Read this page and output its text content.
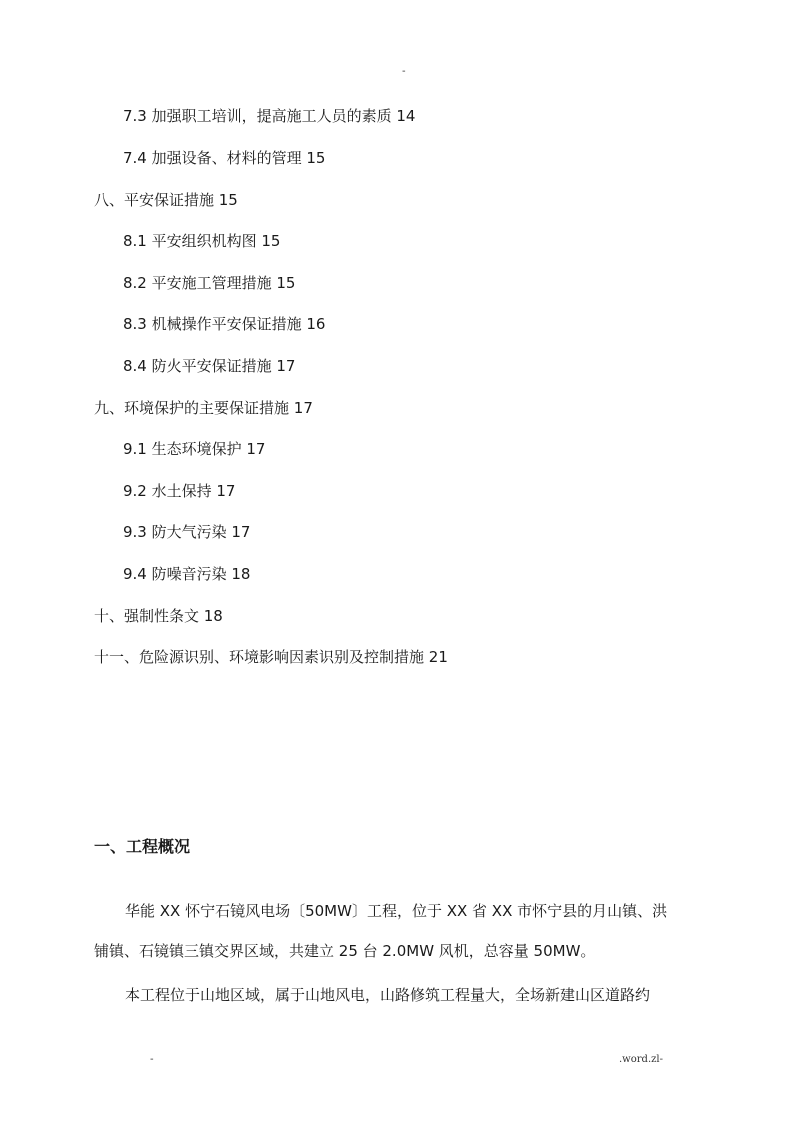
-
7.3 加强职工培训，提高施工人员的素质 14
7.4 加强设备、材料的管理 15
八、平安保证措施 15
8.1 平安组织机构图 15
8.2 平安施工管理措施 15
8.3 机械操作平安保证措施 16
8.4 防火平安保证措施 17
九、环境保护的主要保证措施 17
9.1 生态环境保护 17
9.2 水土保持 17
9.3 防大气污染 17
9.4 防噪音污染 18
十、强制性条文 18
十一、危险源识别、环境影响因素识别及控制措施 21
一、工程概况
华能 XX 怀宁石镜风电场〔50MW〕工程，位于 XX 省 XX 市怀宁县的月山镇、洪
铺镇、石镜镇三镇交界区域，共建立 25 台 2.0MW 风机，总容量 50MW。
本工程位于山地区域，属于山地风电，山路修筑工程量大，全场新建山区道路约
-	.word.zl-
